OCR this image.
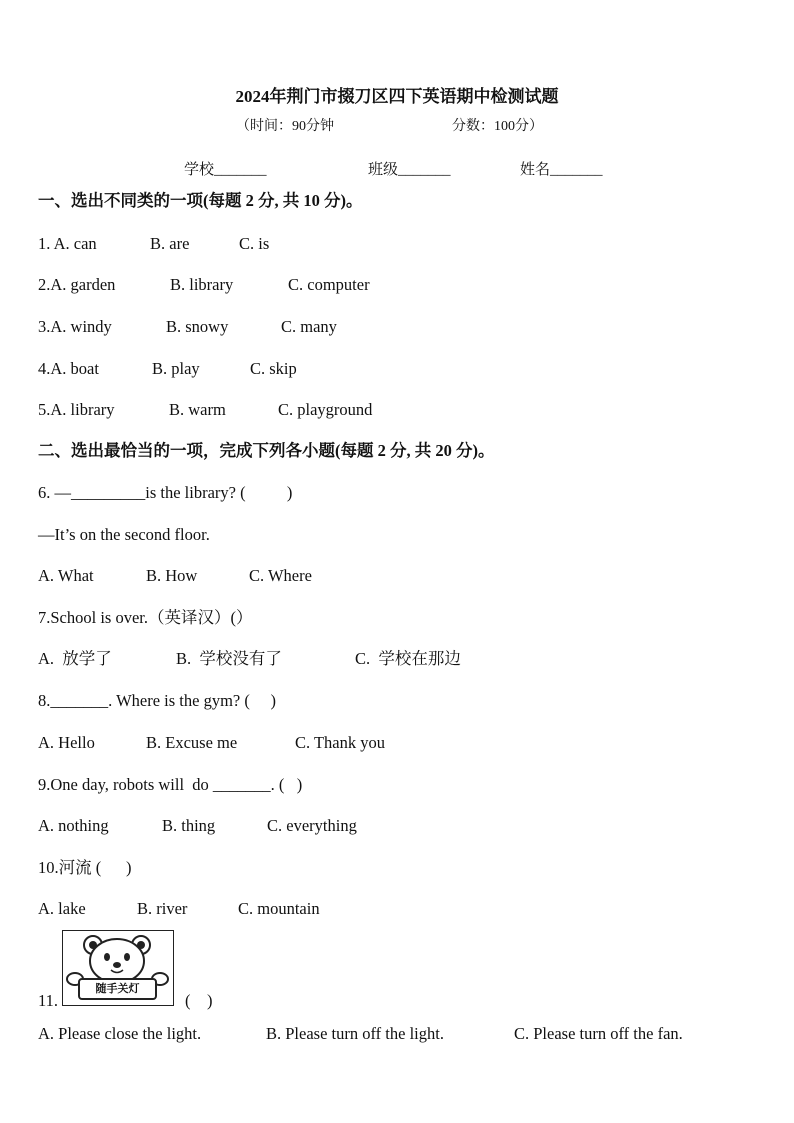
2024年荆门市掇刀区四下英语期中检测试题
（时间：90分钟	分数：100分）
学校_______	班级_______	姓名_______
一、选出不同类的一项(每题 2 分, 共 10 分)。
1. A. can	B. are	C. is
2.A. garden	B. library	C. computer
3.A. windy	B. snowy	C. many
4.A. boat	B. play	C. skip
5.A. library	B. warm	C. playground
二、选出最恰当的一项，完成下列各小题(每题 2 分, 共 20 分)。
6. —_________is the library? (          )
—It’s on the second floor.
A. What	B. How	C. Where
7.School is over.（英译汉）(）
A.  放学了	B.  学校没有了	C.  学校在那边
8._______. Where is the gym? (     )
A. Hello	B. Excuse me	C. Thank you
9.One day, robots will  do _______. (   )
A. nothing	B. thing	C. everything
10.河流 (      )
A. lake	B. river	C. mountain
随手关灯
11.	(    )
A. Please close the light.	B. Please turn off the light.	C. Please turn off the fan.
